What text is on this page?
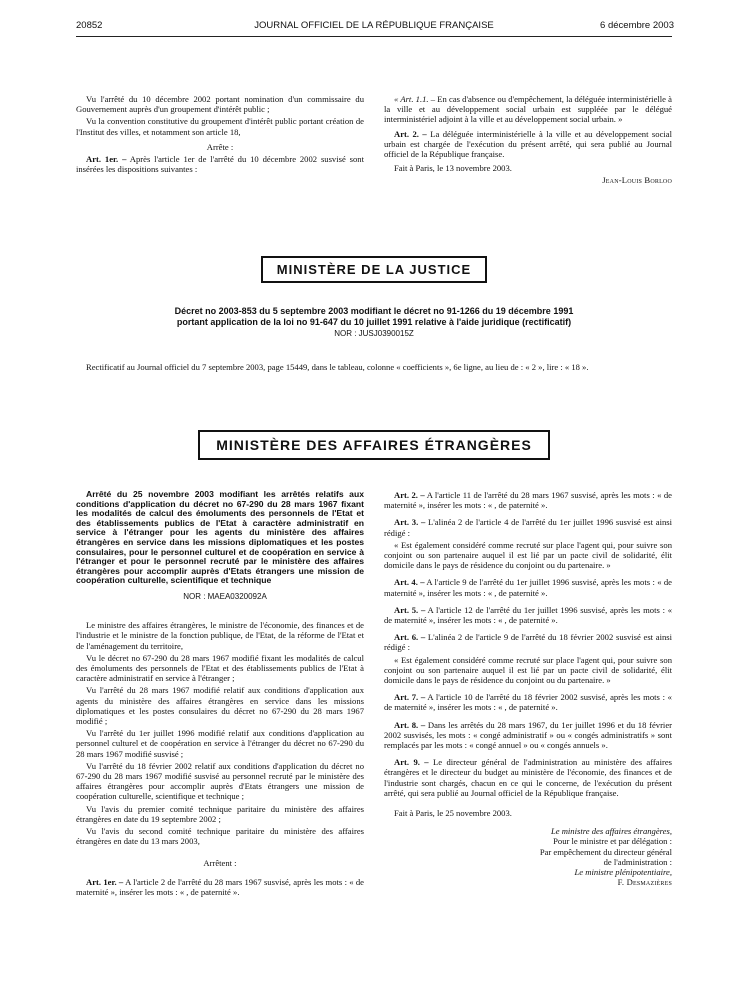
20852	JOURNAL OFFICIEL DE LA RÉPUBLIQUE FRANÇAISE	6 décembre 2003

Vu l'arrêté du 10 décembre 2002 portant nomination d'un commissaire du Gouvernement auprès d'un groupement d'intérêt public ;

Vu la convention constitutive du groupement d'intérêt public portant création de l'Institut des villes, et notamment son article 18,

Arrête :

Art. 1er. – Après l'article 1er de l'arrêté du 10 décembre 2002 susvisé sont insérées les dispositions suivantes :

« Art. 1.1. – En cas d'absence ou d'empêchement, la déléguée interministérielle à la ville et au développement social urbain est suppléée par le délégué interministériel adjoint à la ville et au développement social urbain. »

Art. 2. – La déléguée interministérielle à la ville et au développement social urbain est chargée de l'exécution du présent arrêté, qui sera publié au Journal officiel de la République française.

Fait à Paris, le 13 novembre 2003.

Jean-Louis Borloo

MINISTÈRE DE LA JUSTICE
Décret no 2003-853 du 5 septembre 2003 modifiant le décret no 91-1266 du 19 décembre 1991
portant application de la loi no 91-647 du 10 juillet 1991 relative à l'aide juridique (rectificatif)
NOR : JUSJ0390015Z

Rectificatif au Journal officiel du 7 septembre 2003, page 15449, dans le tableau, colonne « coefficients », 6e ligne, au lieu de : « 2 », lire : « 18 ».

MINISTÈRE DES AFFAIRES ÉTRANGÈRES

Arrêté du 25 novembre 2003 modifiant les arrêtés relatifs aux conditions d'application du décret no 67-290 du 28 mars 1967 fixant les modalités de calcul des émoluments des personnels de l'Etat et des établissements publics de l'Etat à caractère administratif en service à l'étranger pour les agents du ministère des affaires étrangères en service dans les missions diplomatiques et les postes consulaires, pour le personnel culturel et de coopération en service à l'étranger et pour le personnel recruté par le ministère des affaires étrangères pour accomplir auprès d'Etats étrangers une mission de coopération culturelle, scientifique et technique

NOR : MAEA0320092A

Le ministre des affaires étrangères, le ministre de l'économie, des finances et de l'industrie et le ministre de la fonction publique, de l'Etat, de la réforme de l'Etat et de l'aménagement du territoire,

Vu le décret no 67-290 du 28 mars 1967 modifié fixant les modalités de calcul des émoluments des personnels de l'Etat et des établissements publics de l'Etat à caractère administratif en service à l'étranger ;

Vu l'arrêté du 28 mars 1967 modifié relatif aux conditions d'application aux agents du ministère des affaires étrangères en service dans les missions diplomatiques et les postes consulaires du décret no 67-290 du 28 mars 1967 modifié ;

Vu l'arrêté du 1er juillet 1996 modifié relatif aux conditions d'application au personnel culturel et de coopération en service à l'étranger du décret no 67-290 du 28 mars 1967 modifié susvisé ;

Vu l'arrêté du 18 février 2002 relatif aux conditions d'application du décret no 67-290 du 28 mars 1967 modifié susvisé au personnel recruté par le ministère des affaires étrangères pour accomplir auprès d'Etats étrangers une mission de coopération culturelle, scientifique et technique ;

Vu l'avis du premier comité technique paritaire du ministère des affaires étrangères en date du 19 septembre 2002 ;

Vu l'avis du second comité technique paritaire du ministère des affaires étrangères en date du 13 mars 2003,

Arrêtent :

Art. 1er. – A l'article 2 de l'arrêté du 28 mars 1967 susvisé, après les mots : « de maternité », insérer les mots : « , de paternité ».

Art. 2. – A l'article 11 de l'arrêté du 28 mars 1967 susvisé, après les mots : « de maternité », insérer les mots : « , de paternité ».

Art. 3. – L'alinéa 2 de l'article 4 de l'arrêté du 1er juillet 1996 susvisé est ainsi rédigé :

« Est également considéré comme recruté sur place l'agent qui, pour suivre son conjoint ou son partenaire auquel il est lié par un pacte civil de solidarité, élit domicile dans le pays de résidence du conjoint ou du partenaire. »

Art. 4. – A l'article 9 de l'arrêté du 1er juillet 1996 susvisé, après les mots : « de maternité », insérer les mots : « , de paternité ».

Art. 5. – A l'article 12 de l'arrêté du 1er juillet 1996 susvisé, après les mots : « de maternité », insérer les mots : « , de paternité ».

Art. 6. – L'alinéa 2 de l'article 9 de l'arrêté du 18 février 2002 susvisé est ainsi rédigé :

« Est également considéré comme recruté sur place l'agent qui, pour suivre son conjoint ou son partenaire auquel il est lié par un pacte civil de solidarité, élit domicile dans le pays de résidence du conjoint ou du partenaire. »

Art. 7. – A l'article 10 de l'arrêté du 18 février 2002 susvisé, après les mots : « de maternité », insérer les mots : « , de paternité ».

Art. 8. – Dans les arrêtés du 28 mars 1967, du 1er juillet 1996 et du 18 février 2002 susvisés, les mots : « congé administratif » ou « congés administratifs » sont remplacés par les mots : « congé annuel » ou « congés annuels ».

Art. 9. – Le directeur général de l'administration au ministère des affaires étrangères et le directeur du budget au ministère de l'économie, des finances et de l'industrie sont chargés, chacun en ce qui le concerne, de l'exécution du présent arrêté, qui sera publié au Journal officiel de la République française.

Fait à Paris, le 25 novembre 2003.

Le ministre des affaires étrangères,
Pour le ministre et par délégation :
Par empêchement du directeur général
de l'administration :
Le ministre plénipotentiaire,
F. Desmazières
